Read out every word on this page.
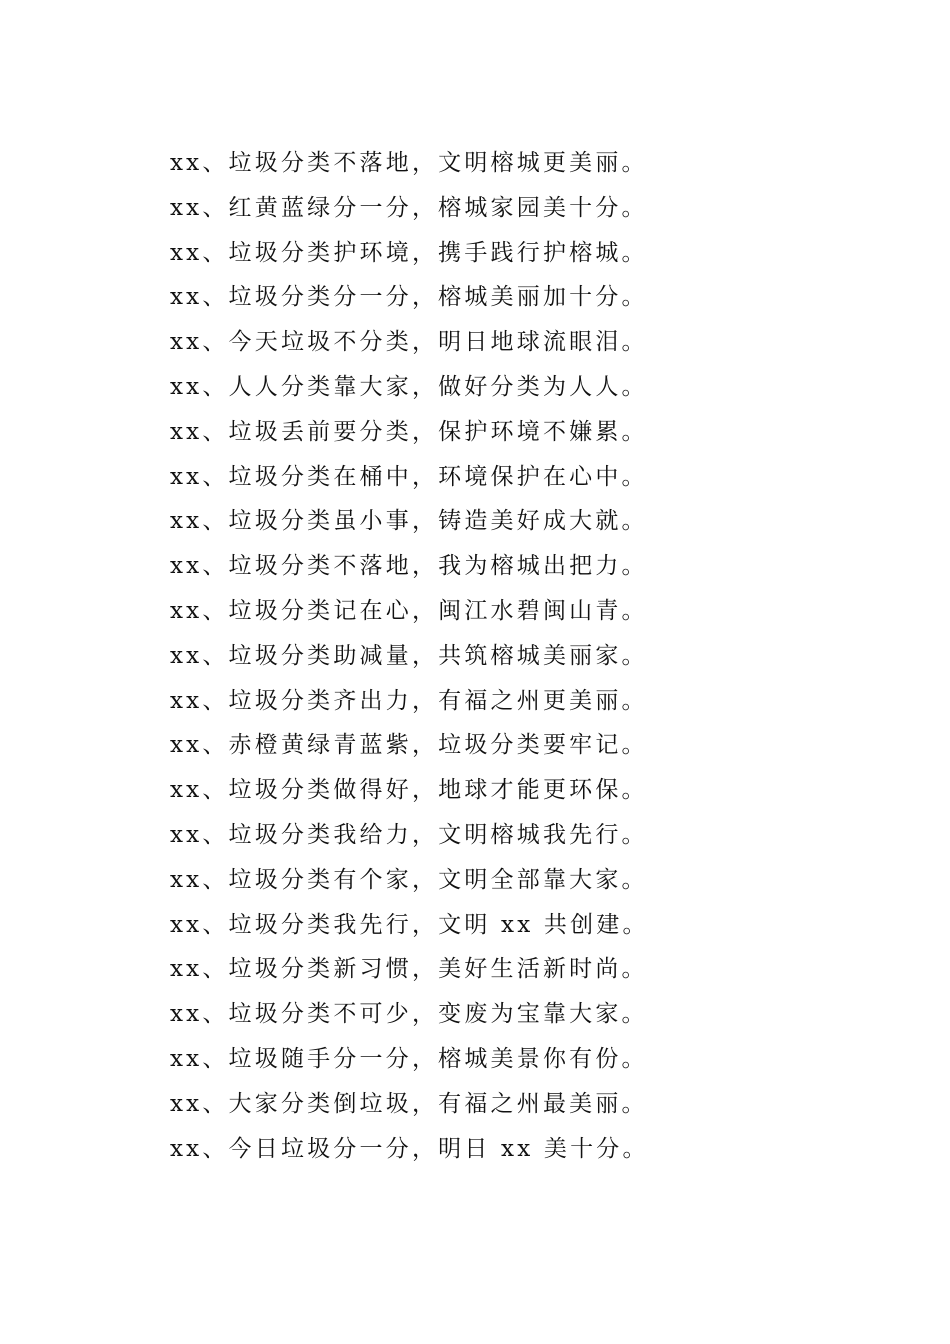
xx、垃圾分类不落地，文明榕城更美丽。
xx、红黄蓝绿分一分，榕城家园美十分。
xx、垃圾分类护环境，携手践行护榕城。
xx、垃圾分类分一分，榕城美丽加十分。
xx、今天垃圾不分类，明日地球流眼泪。
xx、人人分类靠大家，做好分类为人人。
xx、垃圾丢前要分类，保护环境不嫌累。
xx、垃圾分类在桶中，环境保护在心中。
xx、垃圾分类虽小事，铸造美好成大就。
xx、垃圾分类不落地，我为榕城出把力。
xx、垃圾分类记在心，闽江水碧闽山青。
xx、垃圾分类助减量，共筑榕城美丽家。
xx、垃圾分类齐出力，有福之州更美丽。
xx、赤橙黄绿青蓝紫，垃圾分类要牢记。
xx、垃圾分类做得好，地球才能更环保。
xx、垃圾分类我给力，文明榕城我先行。
xx、垃圾分类有个家，文明全部靠大家。
xx、垃圾分类我先行，文明 xx 共创建。
xx、垃圾分类新习惯，美好生活新时尚。
xx、垃圾分类不可少，变废为宝靠大家。
xx、垃圾随手分一分，榕城美景你有份。
xx、大家分类倒垃圾，有福之州最美丽。
xx、今日垃圾分一分，明日 xx 美十分。
